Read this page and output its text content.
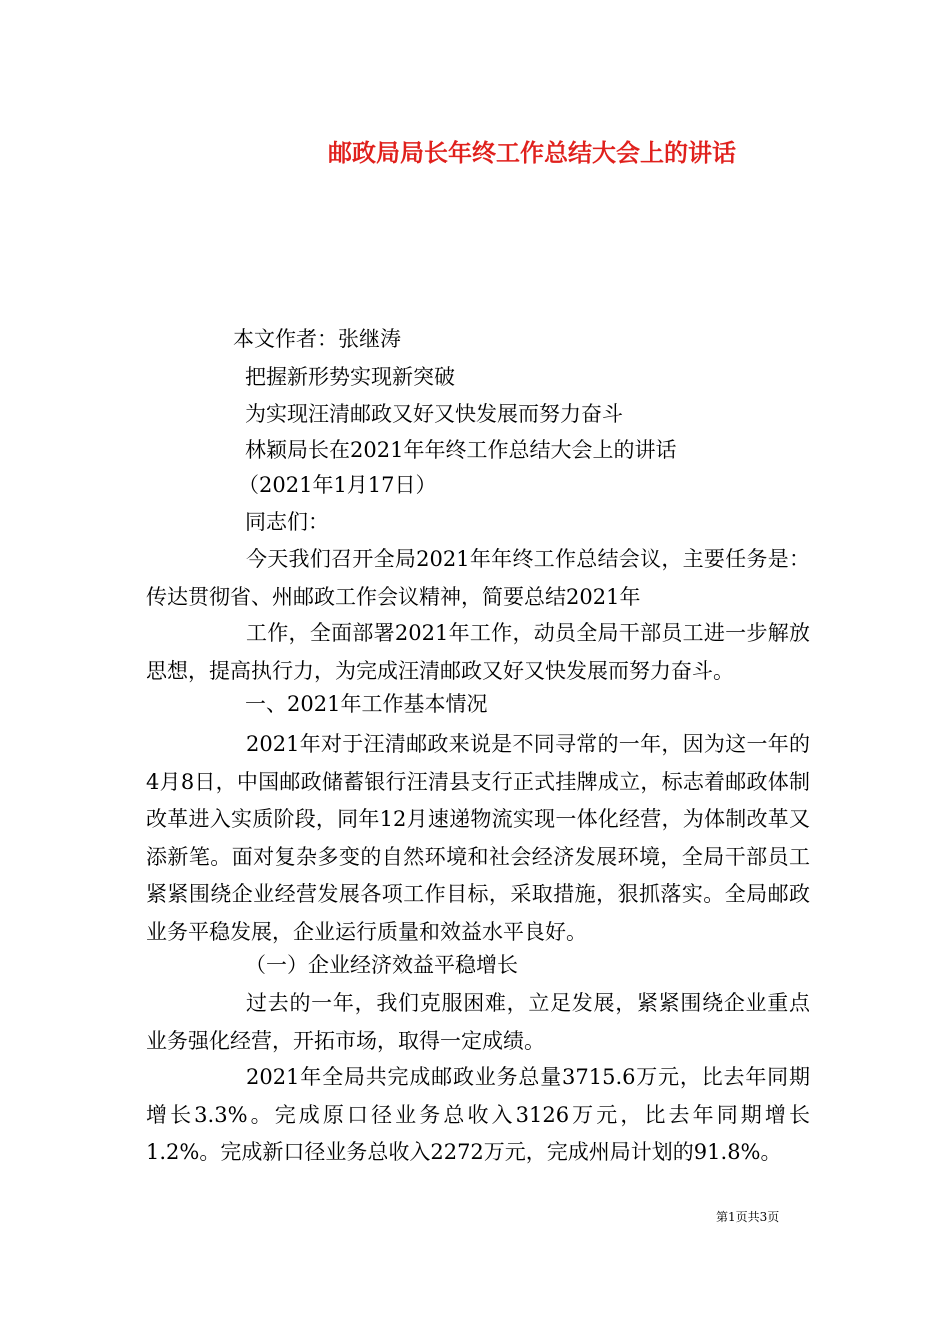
邮政局局长年终工作总结大会上的讲话
本文作者：张继涛
把握新形势实现新突破
为实现汪清邮政又好又快发展而努力奋斗
林颖局长在2021年年终工作总结大会上的讲话
（2021年1月17日）
同志们：
今天我们召开全局2021年年终工作总结会议，主要任务是：传达贯彻省、州邮政工作会议精神，简要总结2021年
工作，全面部署2021年工作，动员全局干部员工进一步解放思想，提高执行力，为完成汪清邮政又好又快发展而努力奋斗。
一、2021年工作基本情况
2021年对于汪清邮政来说是不同寻常的一年，因为这一年的4月8日，中国邮政储蓄银行汪清县支行正式挂牌成立，标志着邮政体制改革进入实质阶段，同年12月速递物流实现一体化经营，为体制改革又添新笔。面对复杂多变的自然环境和社会经济发展环境，全局干部员工紧紧围绕企业经营发展各项工作目标，采取措施，狠抓落实。全局邮政业务平稳发展，企业运行质量和效益水平良好。
（一）企业经济效益平稳增长
过去的一年，我们克服困难，立足发展，紧紧围绕企业重点业务强化经营，开拓市场，取得一定成绩。
2021年全局共完成邮政业务总量3715.6万元，比去年同期增长3.3%。完成原口径业务总收入3126万元，比去年同期增长1.2%。完成新口径业务总收入2272万元，完成州局计划的91.8%。
第1页共3页
